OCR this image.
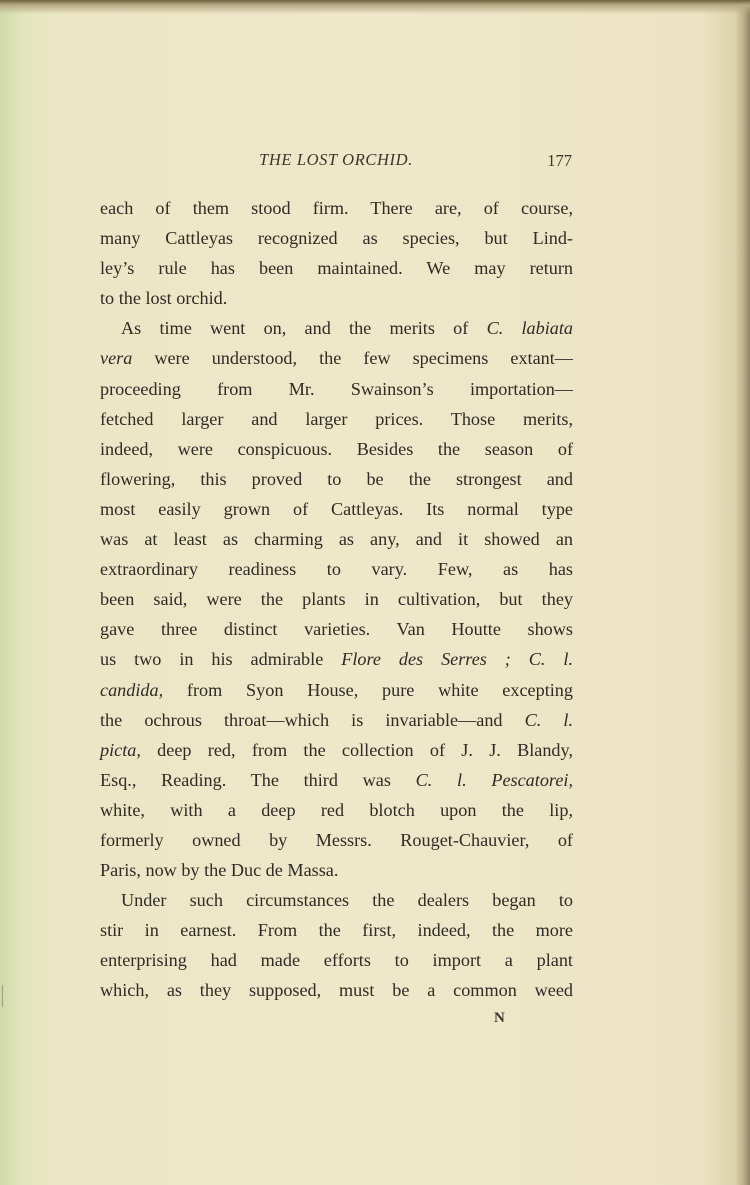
THE LOST ORCHID.	177
each of them stood firm. There are, of course,
many Cattleyas recognized as species, but Lind-
ley’s rule has been maintained. We may return
to the lost orchid.
As time went on, and the merits of C. labiata
vera were understood, the few specimens extant—
proceeding from Mr. Swainson’s importation—
fetched larger and larger prices. Those merits,
indeed, were conspicuous. Besides the season of
flowering, this proved to be the strongest and
most easily grown of Cattleyas. Its normal type
was at least as charming as any, and it showed an
extraordinary readiness to vary. Few, as has
been said, were the plants in cultivation, but they
gave three distinct varieties. Van Houtte shows
us two in his admirable Flore des Serres ; C. l.
candida, from Syon House, pure white excepting
the ochrous throat—which is invariable—and C. l.
picta, deep red, from the collection of J. J. Blandy,
Esq., Reading. The third was C. l. Pescatorei,
white, with a deep red blotch upon the lip,
formerly owned by Messrs. Rouget-Chauvier, of
Paris, now by the Duc de Massa.
Under such circumstances the dealers began to
stir in earnest. From the first, indeed, the more
enterprising had made efforts to import a plant
which, as they supposed, must be a common weed
N
